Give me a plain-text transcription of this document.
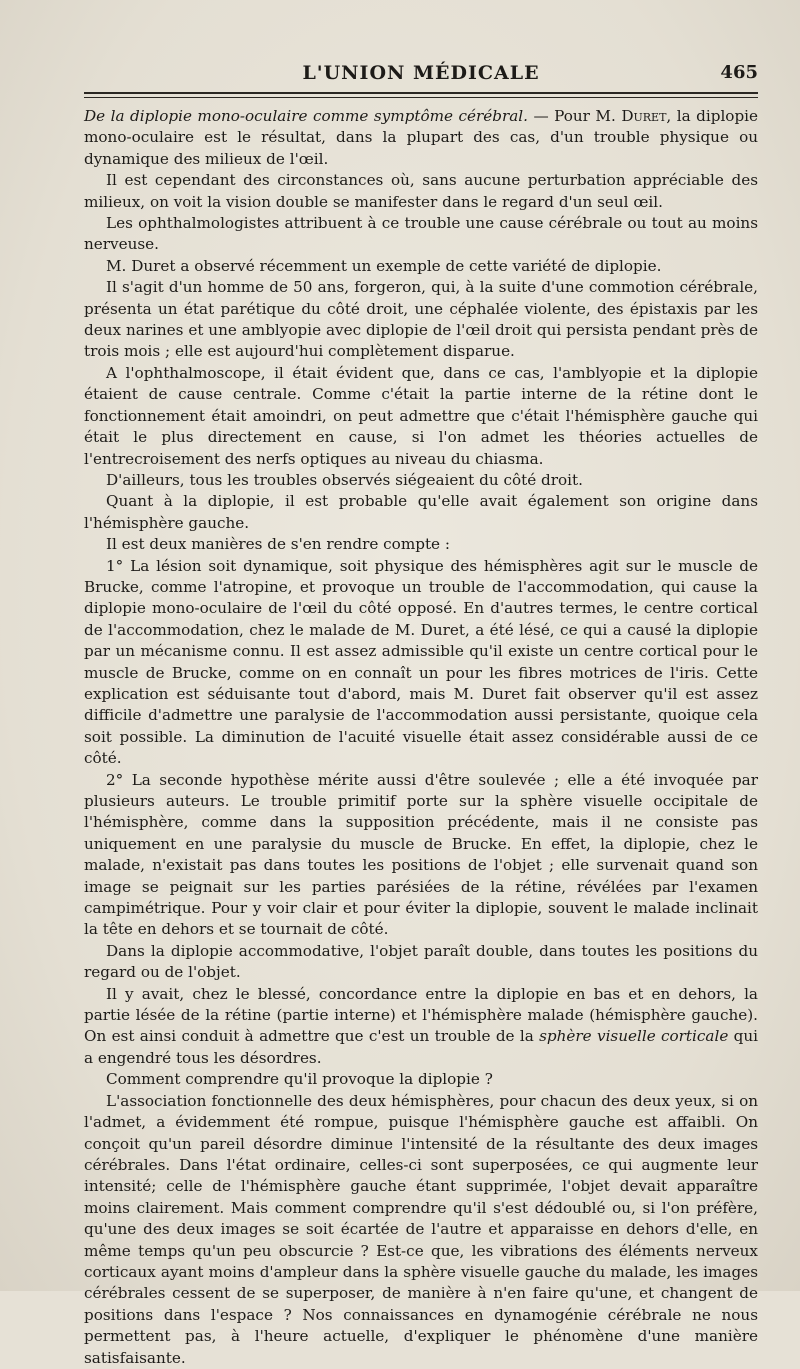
L'UNION MÉDICALE	465

De la diplopie mono-oculaire comme symptôme cérébral. — Pour M. Duret, la diplopie mono-oculaire est le résultat, dans la plupart des cas, d'un trouble physique ou dynamique des milieux de l'œil.

Il est cependant des circonstances où, sans aucune perturbation appréciable des milieux, on voit la vision double se manifester dans le regard d'un seul œil.

Les ophthalmologistes attribuent à ce trouble une cause cérébrale ou tout au moins nerveuse.

M. Duret a observé récemment un exemple de cette variété de diplopie.

Il s'agit d'un homme de 50 ans, forgeron, qui, à la suite d'une commotion cérébrale, présenta un état parétique du côté droit, une céphalée violente, des épistaxis par les deux narines et une amblyopie avec diplopie de l'œil droit qui persista pendant près de trois mois ; elle est aujourd'hui complètement disparue.

A l'ophthalmoscope, il était évident que, dans ce cas, l'amblyopie et la diplopie étaient de cause centrale. Comme c'était la partie interne de la rétine dont le fonctionnement était amoindri, on peut admettre que c'était l'hémisphère gauche qui était le plus directement en cause, si l'on admet les théories actuelles de l'entrecroisement des nerfs optiques au niveau du chiasma.

D'ailleurs, tous les troubles observés siégeaient du côté droit.

Quant à la diplopie, il est probable qu'elle avait également son origine dans l'hémisphère gauche.

Il est deux manières de s'en rendre compte :

1° La lésion soit dynamique, soit physique des hémisphères agit sur le muscle de Brucke, comme l'atropine, et provoque un trouble de l'accommodation, qui cause la diplopie mono-oculaire de l'œil du côté opposé. En d'autres termes, le centre cortical de l'accommodation, chez le malade de M. Duret, a été lésé, ce qui a causé la diplopie par un mécanisme connu. Il est assez admissible qu'il existe un centre cortical pour le muscle de Brucke, comme on en connaît un pour les fibres motrices de l'iris. Cette explication est séduisante tout d'abord, mais M. Duret fait observer qu'il est assez difficile d'admettre une paralysie de l'accommodation aussi persistante, quoique cela soit possible. La diminution de l'acuité visuelle était assez considérable aussi de ce côté.

2° La seconde hypothèse mérite aussi d'être soulevée ; elle a été invoquée par plusieurs auteurs. Le trouble primitif porte sur la sphère visuelle occipitale de l'hémisphère, comme dans la supposition précédente, mais il ne consiste pas uniquement en une paralysie du muscle de Brucke. En effet, la diplopie, chez le malade, n'existait pas dans toutes les positions de l'objet ; elle survenait quand son image se peignait sur les parties parésiées de la rétine, révélées par l'examen campimétrique. Pour y voir clair et pour éviter la diplopie, souvent le malade inclinait la tête en dehors et se tournait de côté.

Dans la diplopie accommodative, l'objet paraît double, dans toutes les positions du regard ou de l'objet.

Il y avait, chez le blessé, concordance entre la diplopie en bas et en dehors, la partie lésée de la rétine (partie interne) et l'hémisphère malade (hémisphère gauche). On est ainsi conduit à admettre que c'est un trouble de la sphère visuelle corticale qui a engendré tous les désordres.

Comment comprendre qu'il provoque la diplopie ?

L'association fonctionnelle des deux hémisphères, pour chacun des deux yeux, si on l'admet, a évidemment été rompue, puisque l'hémisphère gauche est affaibli. On conçoit qu'un pareil désordre diminue l'intensité de la résultante des deux images cérébrales. Dans l'état ordinaire, celles-ci sont superposées, ce qui augmente leur intensité; celle de l'hémisphère gauche étant supprimée, l'objet devait apparaître moins clairement. Mais comment comprendre qu'il s'est dédoublé ou, si l'on préfère, qu'une des deux images se soit écartée de l'autre et apparaisse en dehors d'elle, en même temps qu'un peu obscurcie ? Est-ce que, les vibrations des éléments nerveux corticaux ayant moins d'ampleur dans la sphère visuelle gauche du malade, les images cérébrales cessent de se superposer, de manière à n'en faire qu'une, et changent de positions dans l'espace ? Nos connaissances en dynamogénie cérébrale ne nous permettent pas, à l'heure actuelle, d'expliquer le phénomène d'une manière satisfaisante.
